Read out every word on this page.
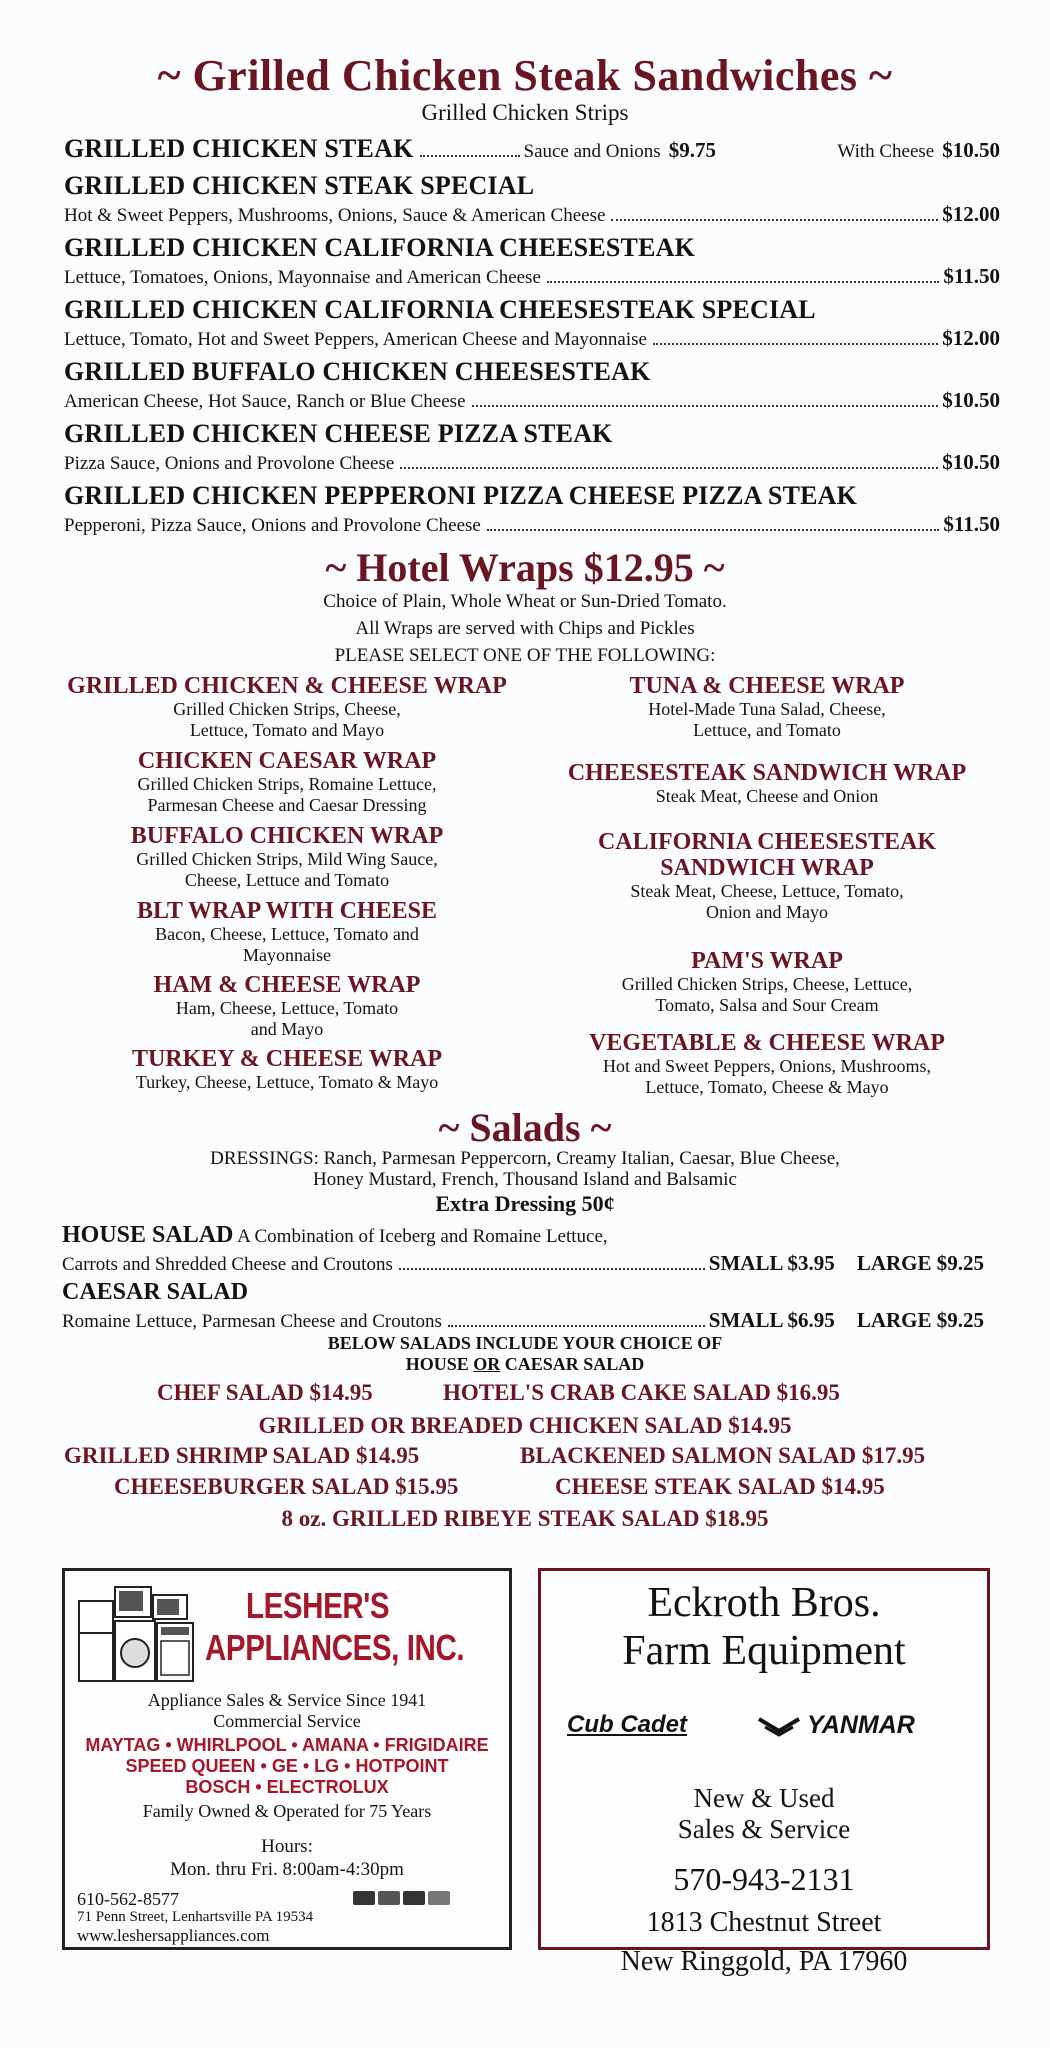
~ Grilled Chicken Steak Sandwiches ~
Grilled Chicken Strips
GRILLED CHICKEN STEAK	Sauce and Onions $9.75	With Cheese $10.50
GRILLED CHICKEN STEAK SPECIAL
Hot & Sweet Peppers, Mushrooms, Onions, Sauce & American Cheese	$12.00
GRILLED CHICKEN CALIFORNIA CHEESESTEAK
Lettuce, Tomatoes, Onions, Mayonnaise and American Cheese	$11.50
GRILLED CHICKEN CALIFORNIA CHEESESTEAK SPECIAL
Lettuce, Tomato, Hot and Sweet Peppers, American Cheese and Mayonnaise	$12.00
GRILLED BUFFALO CHICKEN CHEESESTEAK
American Cheese, Hot Sauce, Ranch or Blue Cheese	$10.50
GRILLED CHICKEN CHEESE PIZZA STEAK
Pizza Sauce, Onions and Provolone Cheese	$10.50
GRILLED CHICKEN PEPPERONI PIZZA CHEESE PIZZA STEAK
Pepperoni, Pizza Sauce, Onions and Provolone Cheese	$11.50
~ Hotel Wraps $12.95 ~
Choice of Plain, Whole Wheat or Sun-Dried Tomato.
All Wraps are served with Chips and Pickles
PLEASE SELECT ONE OF THE FOLLOWING:
GRILLED CHICKEN & CHEESE WRAP
Grilled Chicken Strips, Cheese,
Lettuce, Tomato and Mayo
CHICKEN CAESAR WRAP
Grilled Chicken Strips, Romaine Lettuce,
Parmesan Cheese and Caesar Dressing
BUFFALO CHICKEN WRAP
Grilled Chicken Strips, Mild Wing Sauce,
Cheese, Lettuce and Tomato
BLT WRAP WITH CHEESE
Bacon, Cheese, Lettuce, Tomato and
Mayonnaise
HAM & CHEESE WRAP
Ham, Cheese, Lettuce, Tomato
and Mayo
TURKEY & CHEESE WRAP
Turkey, Cheese, Lettuce, Tomato & Mayo
TUNA & CHEESE WRAP
Hotel-Made Tuna Salad, Cheese,
Lettuce, and Tomato
CHEESESTEAK SANDWICH WRAP
Steak Meat, Cheese and Onion
CALIFORNIA CHEESESTEAK
SANDWICH WRAP
Steak Meat, Cheese, Lettuce, Tomato,
Onion and Mayo
PAM'S WRAP
Grilled Chicken Strips, Cheese, Lettuce,
Tomato, Salsa and Sour Cream
VEGETABLE & CHEESE WRAP
Hot and Sweet Peppers, Onions, Mushrooms,
Lettuce, Tomato, Cheese & Mayo
~ Salads ~
DRESSINGS: Ranch, Parmesan Peppercorn, Creamy Italian, Caesar, Blue Cheese,
Honey Mustard, French, Thousand Island and Balsamic
Extra Dressing 50¢
HOUSE SALAD A Combination of Iceberg and Romaine Lettuce,
Carrots and Shredded Cheese and Croutons	SMALL $3.95 LARGE $9.25
CAESAR SALAD
Romaine Lettuce, Parmesan Cheese and Croutons	SMALL $6.95 LARGE $9.25
BELOW SALADS INCLUDE YOUR CHOICE OF
HOUSE OR CAESAR SALAD
CHEF SALAD $14.95	HOTEL'S CRAB CAKE SALAD $16.95
GRILLED OR BREADED CHICKEN SALAD $14.95
GRILLED SHRIMP SALAD $14.95	BLACKENED SALMON SALAD $17.95
CHEESEBURGER SALAD $15.95	CHEESE STEAK SALAD $14.95
8 oz. GRILLED RIBEYE STEAK SALAD $18.95
LESHER'S
APPLIANCES, INC.
Appliance Sales & Service Since 1941
Commercial Service
MAYTAG • WHIRLPOOL • AMANA • FRIGIDAIRE
SPEED QUEEN • GE • LG • HOTPOINT
BOSCH • ELECTROLUX
Family Owned & Operated for 75 Years
Hours:
Mon. thru Fri. 8:00am-4:30pm
610-562-8577
71 Penn Street, Lenhartsville PA 19534
www.leshersappliances.com
Eckroth Bros.
Farm Equipment
Cub Cadet	YANMAR
New & Used
Sales & Service
570-943-2131
1813 Chestnut Street
New Ringgold, PA 17960
